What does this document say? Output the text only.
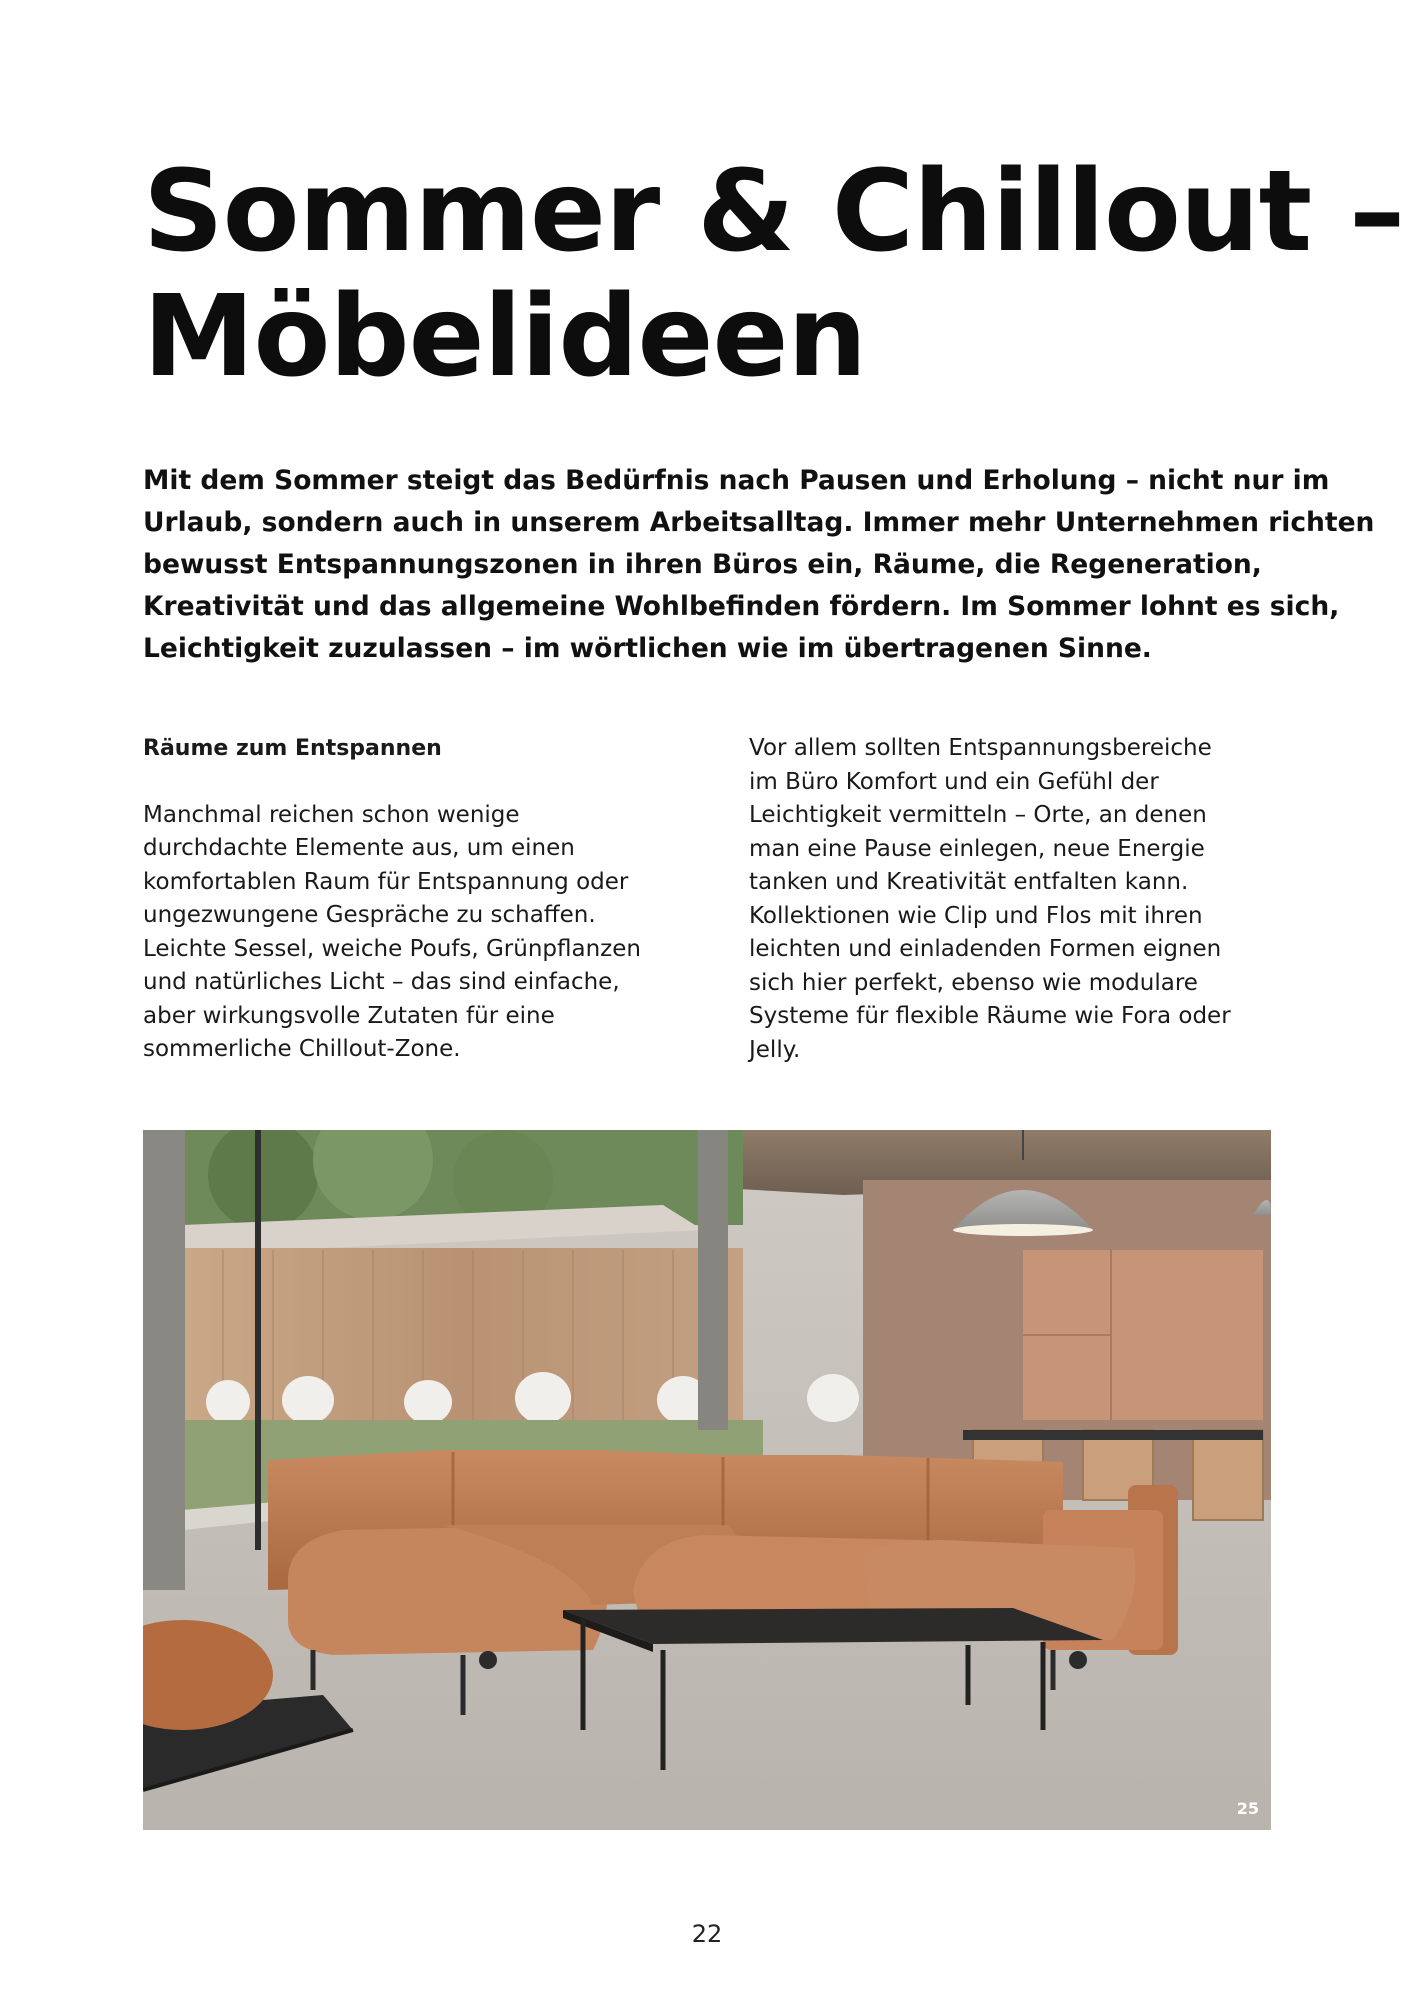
Sommer & Chillout –
Möbelideen
Mit dem Sommer steigt das Bedürfnis nach Pausen und Erholung – nicht nur im
Urlaub, sondern auch in unserem Arbeitsalltag. Immer mehr Unternehmen richten
bewusst Entspannungszonen in ihren Büros ein, Räume, die Regeneration,
Kreativität und das allgemeine Wohlbefinden fördern. Im Sommer lohnt es sich,
Leichtigkeit zuzulassen – im wörtlichen wie im übertragenen Sinne.
Räume zum Entspannen
Manchmal reichen schon wenige
durchdachte Elemente aus, um einen
komfortablen Raum für Entspannung oder
ungezwungene Gespräche zu schaffen.
Leichte Sessel, weiche Poufs, Grünpflanzen
und natürliches Licht – das sind einfache,
aber wirkungsvolle Zutaten für eine
sommerliche Chillout-Zone.
Vor allem sollten Entspannungsbereiche
im Büro Komfort und ein Gefühl der
Leichtigkeit vermitteln – Orte, an denen
man eine Pause einlegen, neue Energie
tanken und Kreativität entfalten kann.
Kollektionen wie Clip und Flos mit ihren
leichten und einladenden Formen eignen
sich hier perfekt, ebenso wie modulare
Systeme für flexible Räume wie Fora oder
Jelly.
25
22
